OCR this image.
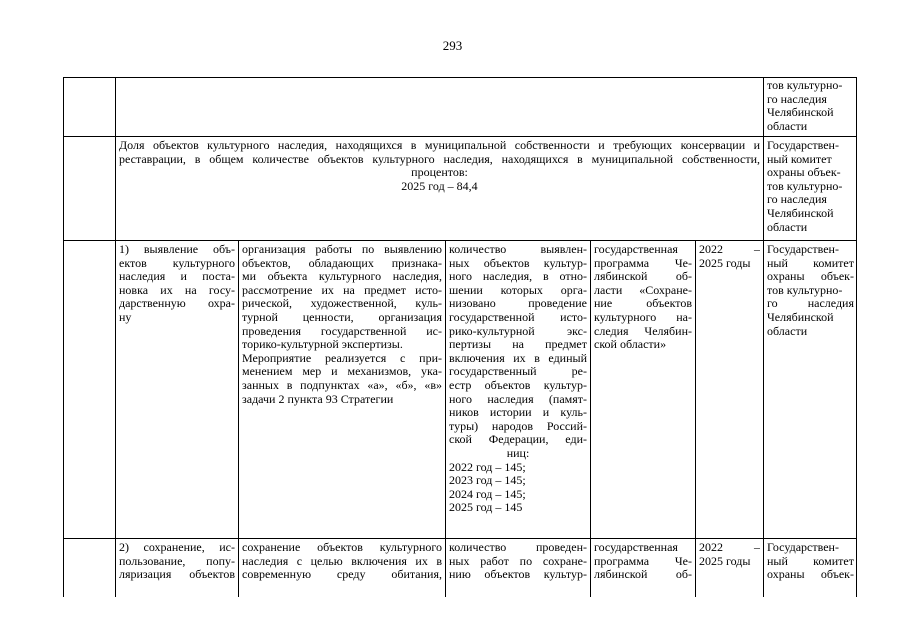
293
тов культурно-
го наследия
Челябинской
области
Доля объектов культурного наследия, находящихся в муниципальной собственности и требующих консервации и
реставрации, в общем количестве объектов культурного наследия, находящихся в муниципальной собственности,
процентов:
2025 год – 84,4
Государствен-
ный комитет
охраны объек-
тов культурно-
го наследия
Челябинской
области
1) выявление объ-
ектов культурного
наследия и поста-
новка их на госу-
дарственную охра-
ну
организация работы по выявлению
объектов, обладающих признака-
ми объекта культурного наследия,
рассмотрение их на предмет исто-
рической, художественной, куль-
турной ценности, организация
проведения государственной ис-
торико-культурной экспертизы.
Мероприятие реализуется с при-
менением мер и механизмов, ука-
занных в подпунктах «а», «б», «в»
задачи 2 пункта 93 Стратегии
количество выявлен-
ных объектов культур-
ного наследия, в отно-
шении которых орга-
низовано проведение
государственной исто-
рико-культурной экс-
пертизы на предмет
включения их в единый
государственный ре-
естр объектов культур-
ного наследия (памят-
ников истории и куль-
туры) народов Россий-
ской Федерации, еди-
ниц:
2022 год – 145;
2023 год – 145;
2024 год – 145;
2025 год – 145
государственная
программа Че-
лябинской об-
ласти «Сохране-
ние объектов
культурного на-
следия Челябин-
ской области»
2022 –
2025 годы
Государствен-
ный комитет
охраны объек-
тов культурно-
го наследия
Челябинской
области
2) сохранение, ис-
пользование, попу-
ляризация объектов
сохранение объектов культурного
наследия с целью включения их в
современную среду обитания,
количество проведен-
ных работ по сохране-
нию объектов культур-
государственная
программа Че-
лябинской об-
2022 –
2025 годы
Государствен-
ный комитет
охраны объек-
